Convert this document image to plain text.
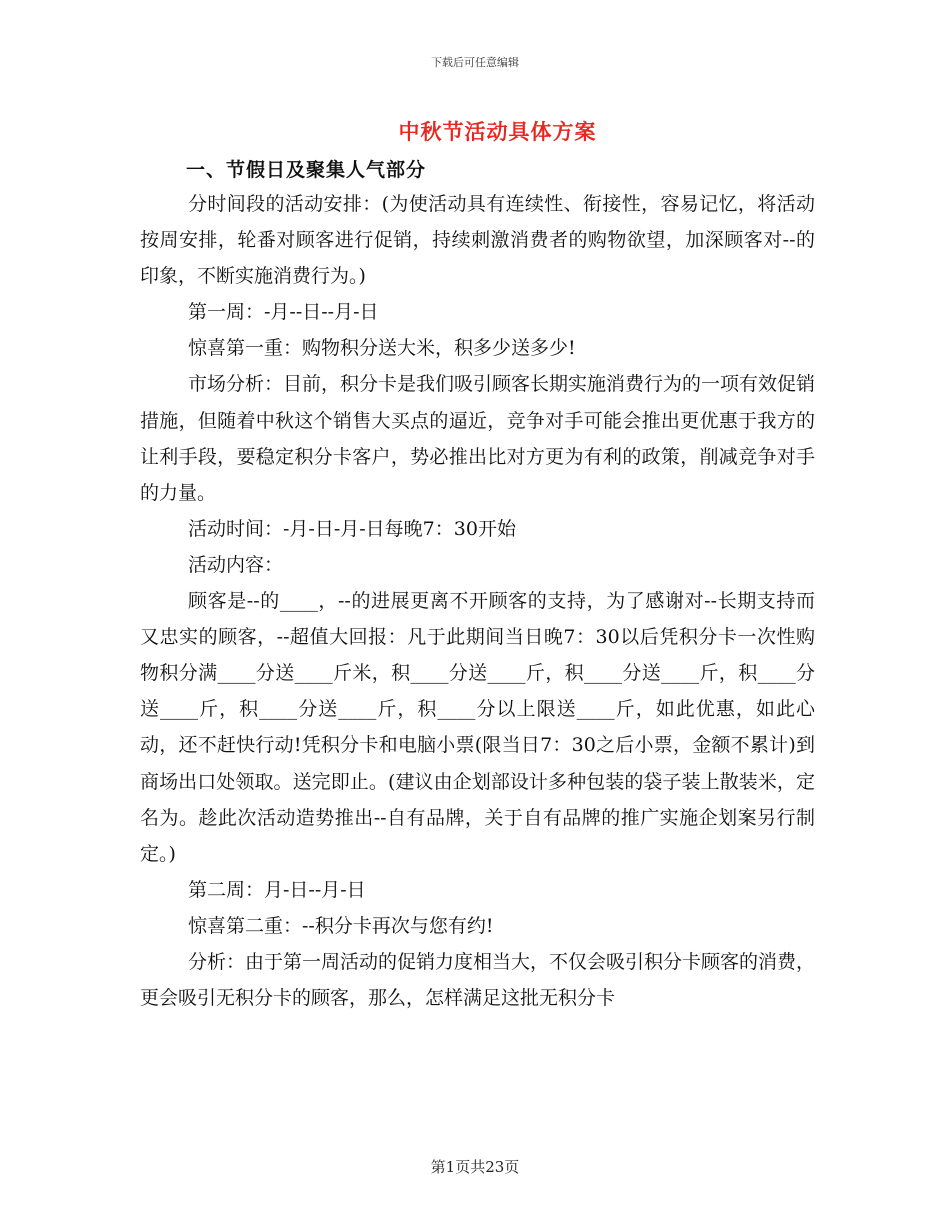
下载后可任意编辑
中秋节活动具体方案
一、节假日及聚集人气部分

分时间段的活动安排：(为使活动具有连续性、衔接性，容易记忆，将活动按周安排，轮番对顾客进行促销，持续刺激消费者的购物欲望，加深顾客对--的印象，不断实施消费行为。)

第一周：-月--日--月-日

惊喜第一重：购物积分送大米，积多少送多少!

市场分析：目前，积分卡是我们吸引顾客长期实施消费行为的一项有效促销措施，但随着中秋这个销售大买点的逼近，竞争对手可能会推出更优惠于我方的让利手段，要稳定积分卡客户，势必推出比对方更为有利的政策，削减竞争对手的力量。

活动时间：-月-日-月-日每晚7：30开始

活动内容：

顾客是--的____，--的进展更离不开顾客的支持，为了感谢对--长期支持而又忠实的顾客，--超值大回报：凡于此期间当日晚7：30以后凭积分卡一次性购物积分满____分送____斤米，积____分送____斤，积____分送____斤，积____分送____斤，积____分送____斤，积____分以上限送____斤，如此优惠，如此心动，还不赶快行动!凭积分卡和电脑小票(限当日7：30之后小票，金额不累计)到商场出口处领取。送完即止。(建议由企划部设计多种包装的袋子装上散装米，定名为。趁此次活动造势推出--自有品牌，关于自有品牌的推广实施企划案另行制定。)

第二周：月-日--月-日

惊喜第二重：--积分卡再次与您有约!

分析：由于第一周活动的促销力度相当大，不仅会吸引积分卡顾客的消费，更会吸引无积分卡的顾客，那么，怎样满足这批无积分卡

第1页共23页
